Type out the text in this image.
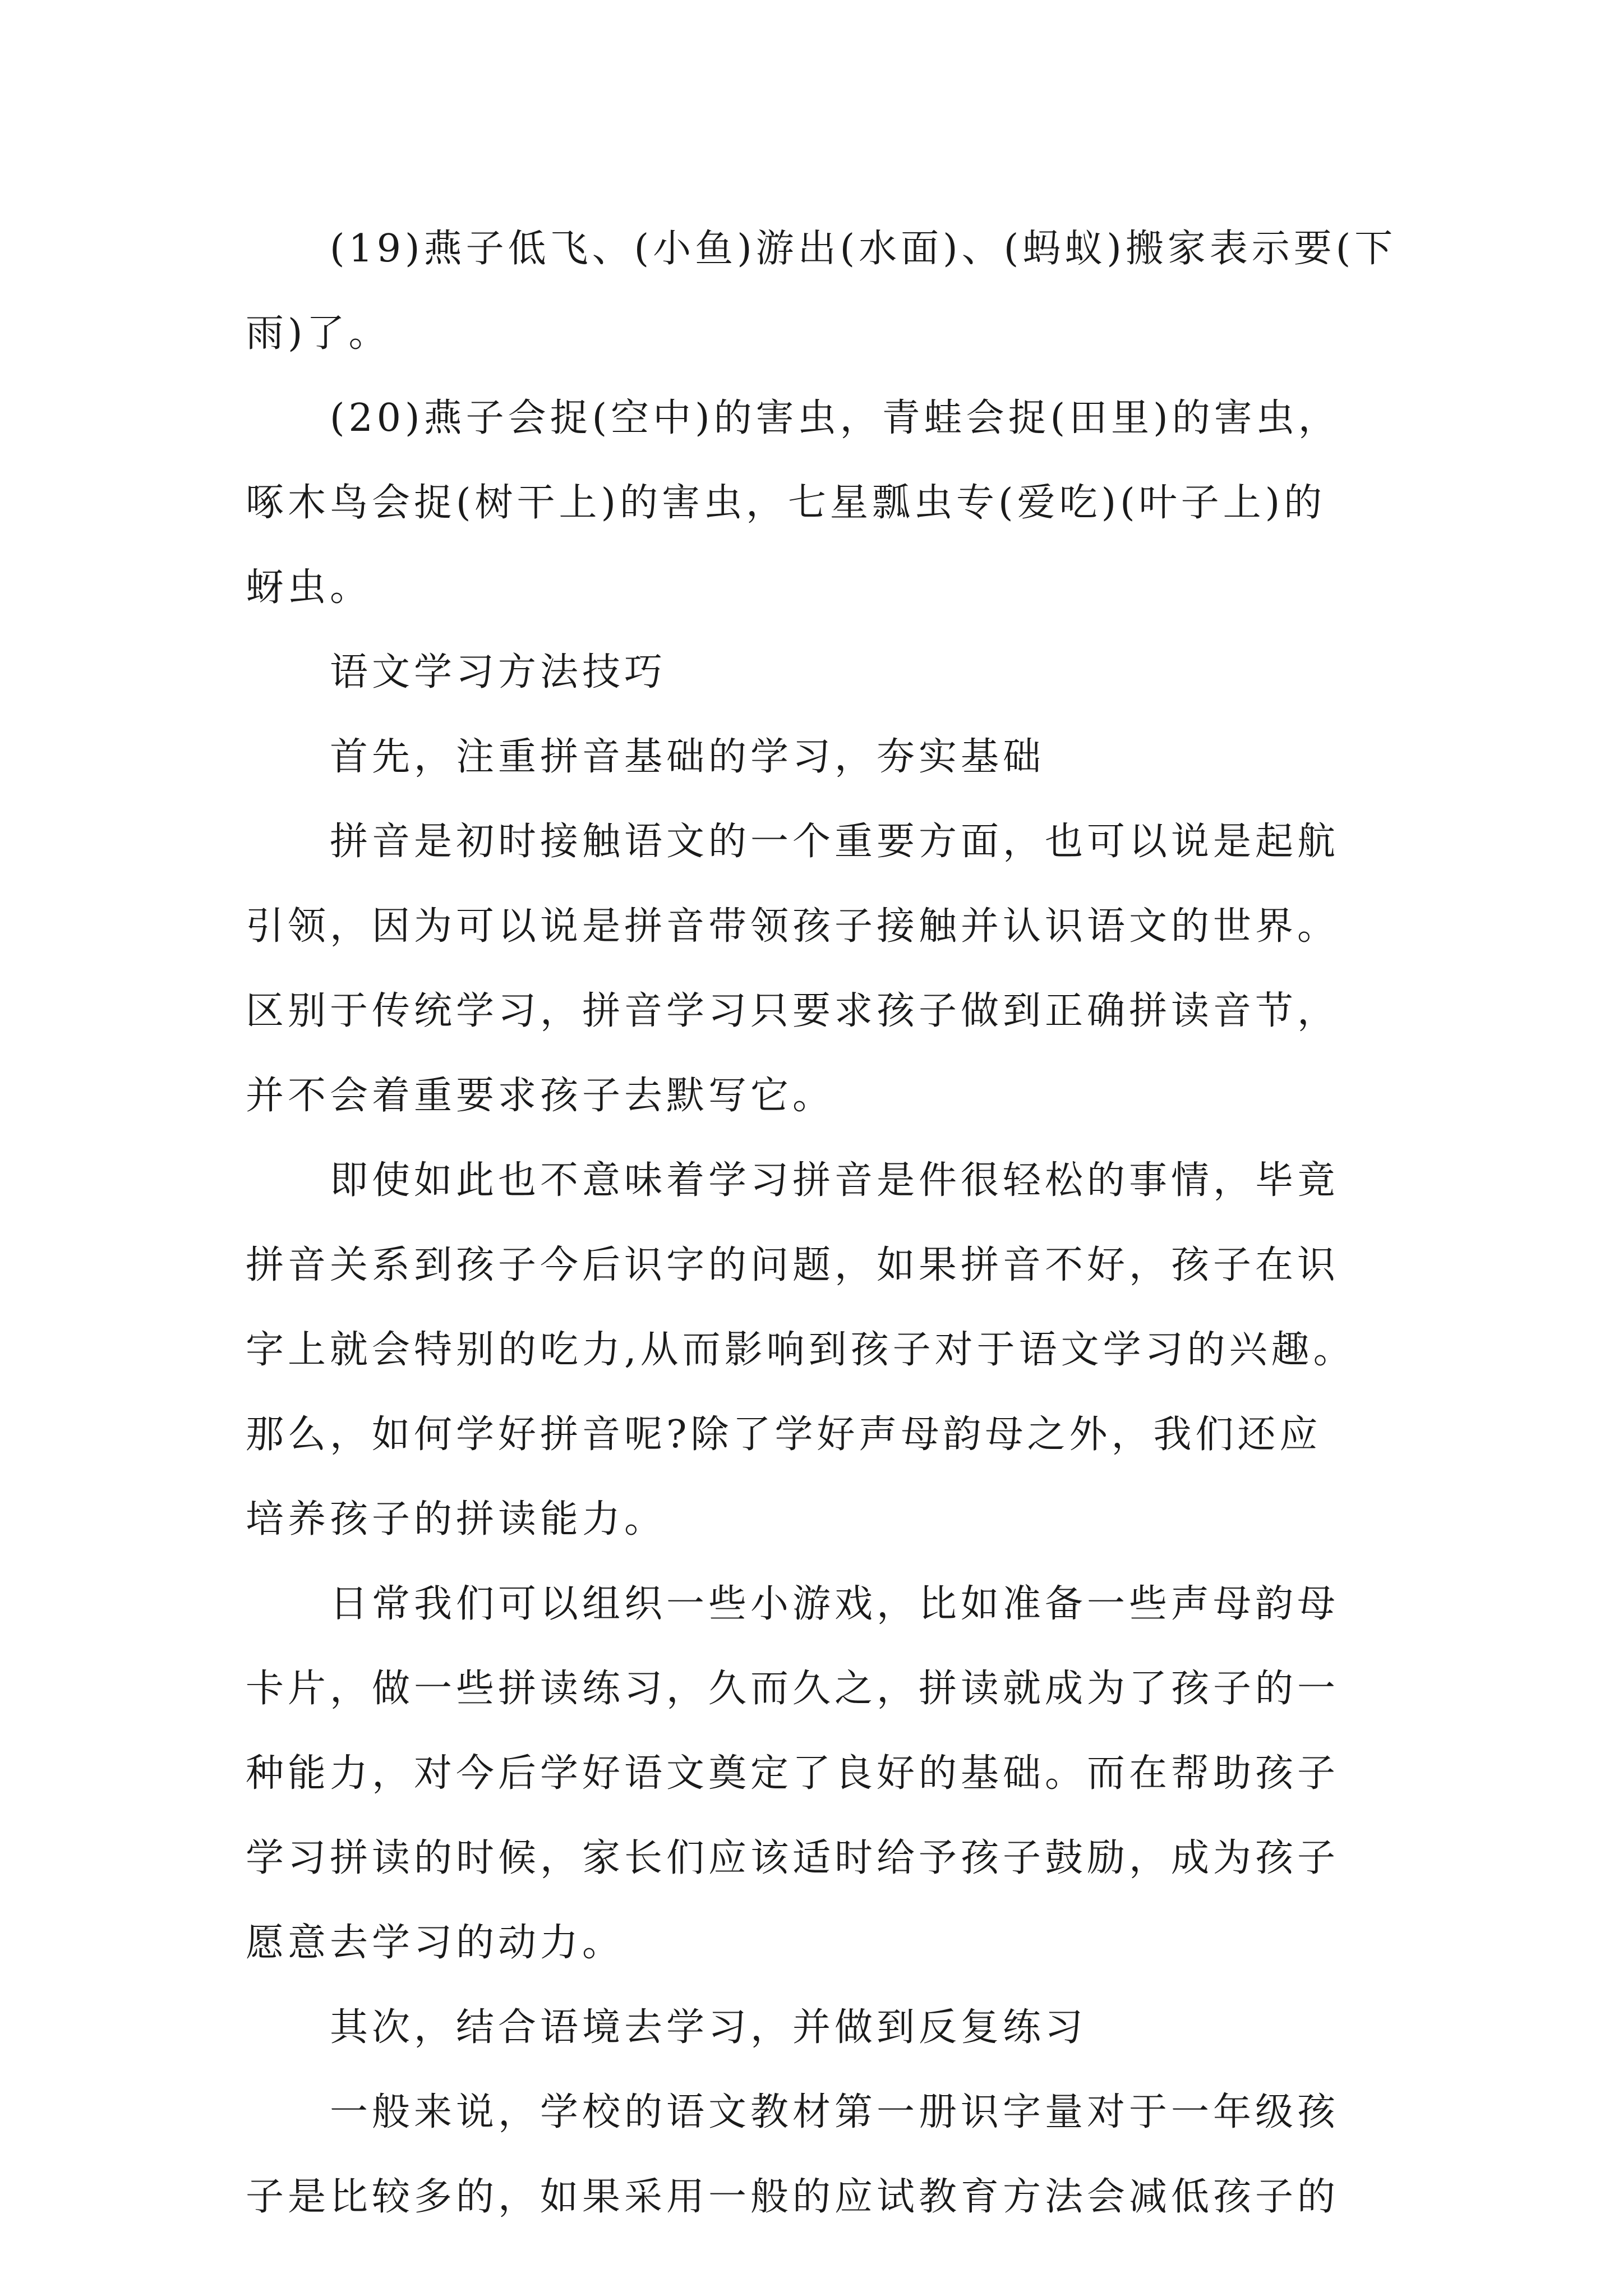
(19)燕子低飞、(小鱼)游出(水面)、(蚂蚁)搬家表示要(下
雨)了。

(20)燕子会捉(空中)的害虫，青蛙会捉(田里)的害虫，
啄木鸟会捉(树干上)的害虫，七星瓢虫专(爱吃)(叶子上)的
蚜虫。

语文学习方法技巧

首先，注重拼音基础的学习，夯实基础

拼音是初时接触语文的一个重要方面，也可以说是起航
引领，因为可以说是拼音带领孩子接触并认识语文的世界。
区别于传统学习，拼音学习只要求孩子做到正确拼读音节，
并不会着重要求孩子去默写它。

即使如此也不意味着学习拼音是件很轻松的事情，毕竟
拼音关系到孩子今后识字的问题，如果拼音不好，孩子在识
字上就会特别的吃力,从而影响到孩子对于语文学习的兴趣。
那么，如何学好拼音呢?除了学好声母韵母之外，我们还应
培养孩子的拼读能力。

日常我们可以组织一些小游戏，比如准备一些声母韵母
卡片，做一些拼读练习，久而久之，拼读就成为了孩子的一
种能力，对今后学好语文奠定了良好的基础。而在帮助孩子
学习拼读的时候，家长们应该适时给予孩子鼓励，成为孩子
愿意去学习的动力。

其次，结合语境去学习，并做到反复练习

一般来说，学校的语文教材第一册识字量对于一年级孩
子是比较多的，如果采用一般的应试教育方法会减低孩子的
